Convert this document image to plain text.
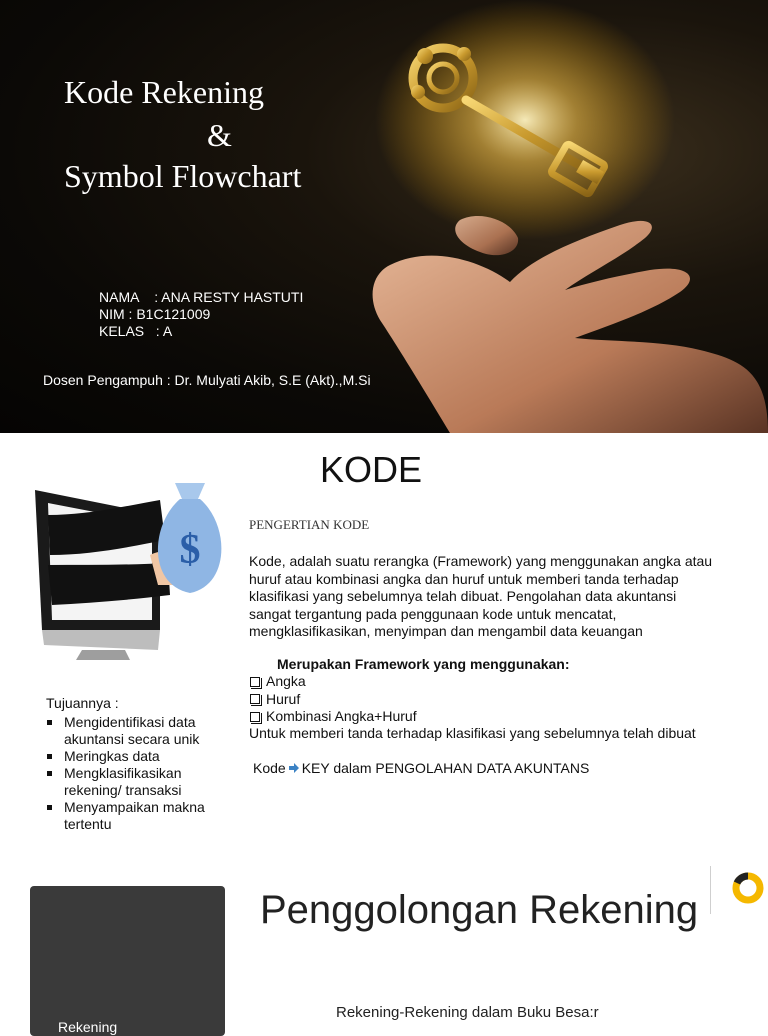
Kode Rekening
&
Symbol Flowchart
NAMA    : ANA RESTY HASTUTI
NIM : B1C121009
KELAS   : A
Dosen Pengampuh : Dr. Mulyati Akib, S.E (Akt).,M.Si
$
KODE
PENGERTIAN KODE
Kode, adalah suatu rerangka (Framework) yang menggunakan angka atau huruf atau kombinasi angka dan huruf untuk memberi tanda terhadap klasifikasi yang sebelumnya telah dibuat. Pengolahan data akuntansi sangat tergantung pada penggunaan kode untuk mencatat, mengklasifikasikan, menyimpan dan mengambil data keuangan
Merupakan Framework yang menggunakan:
Angka
Huruf
Kombinasi Angka+Huruf
Untuk memberi tanda terhadap klasifikasi yang sebelumnya telah dibuat
Kode KEY dalam PENGOLAHAN DATA AKUNTANS
Tujuannya :
Mengidentifikasi data akuntansi secara unik
Meringkas data
Mengklasifikasikan rekening/ transaksi
Menyampaikan makna tertentu
Rekening
Penggolongan Rekening
Rekening-Rekening dalam Buku Besa:r
